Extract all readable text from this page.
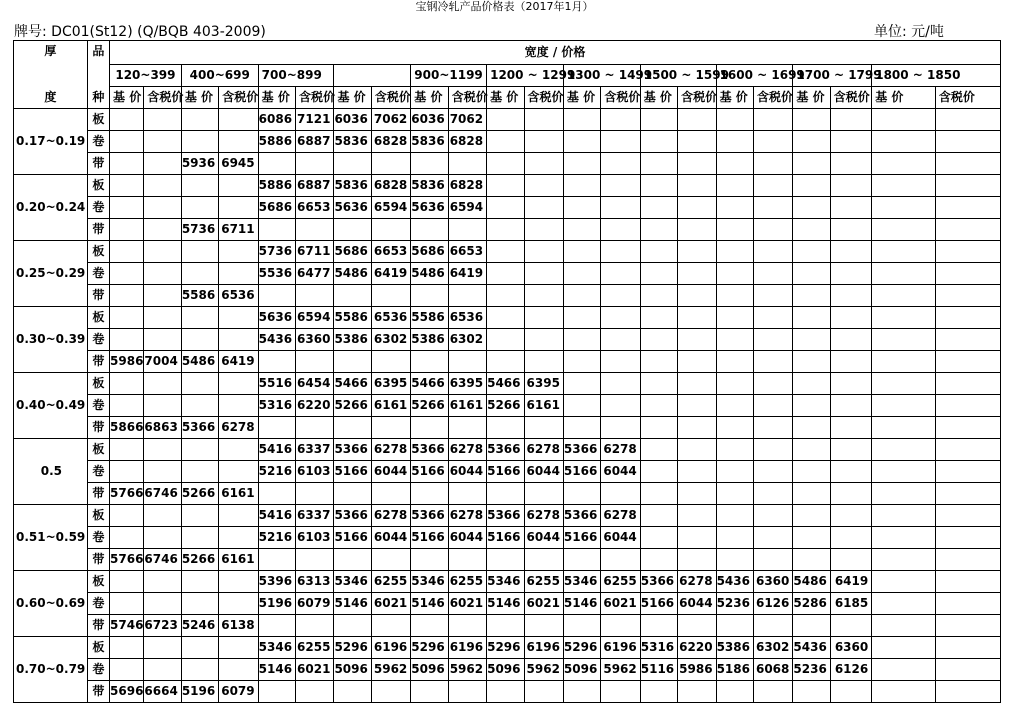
宝钢冷轧产品价格表（2017年1月）
牌号: DC01(St12) (Q/BQB 403-2009)	单位: 元/吨
厚	品	宽度 / 价格																					
		120~399		400~699		700~899				900~1199		1200 ~ 1299		1300 ~ 1499		1500 ~ 1599		1600 ~ 1699		1700 ~ 1799		1800 ~ 1850	
度	种	基 价	含税价	基 价	含税价	基 价	含税价	基 价	含税价	基 价	含税价	基 价	含税价	基 价	含税价	基 价	含税价	基 价	含税价	基 价	含税价	基 价	含税价
0.17~0.19	板					6086	7121	6036	7062	6036	7062												
	卷					5886	6887	5836	6828	5836	6828												
	带			5936	6945																		
0.20~0.24	板					5886	6887	5836	6828	5836	6828												
	卷					5686	6653	5636	6594	5636	6594												
	带			5736	6711																		
0.25~0.29	板					5736	6711	5686	6653	5686	6653												
	卷					5536	6477	5486	6419	5486	6419												
	带			5586	6536																		
0.30~0.39	板					5636	6594	5586	6536	5586	6536												
	卷					5436	6360	5386	6302	5386	6302												
	带	5986	7004	5486	6419																		
0.40~0.49	板					5516	6454	5466	6395	5466	6395	5466	6395										
	卷					5316	6220	5266	6161	5266	6161	5266	6161										
	带	5866	6863	5366	6278																		
0.5	板					5416	6337	5366	6278	5366	6278	5366	6278	5366	6278								
	卷					5216	6103	5166	6044	5166	6044	5166	6044	5166	6044								
	带	5766	6746	5266	6161																		
0.51~0.59	板					5416	6337	5366	6278	5366	6278	5366	6278	5366	6278								
	卷					5216	6103	5166	6044	5166	6044	5166	6044	5166	6044								
	带	5766	6746	5266	6161																		
0.60~0.69	板					5396	6313	5346	6255	5346	6255	5346	6255	5346	6255	5366	6278	5436	6360	5486	6419		
	卷					5196	6079	5146	6021	5146	6021	5146	6021	5146	6021	5166	6044	5236	6126	5286	6185		
	带	5746	6723	5246	6138																		
0.70~0.79	板					5346	6255	5296	6196	5296	6196	5296	6196	5296	6196	5316	6220	5386	6302	5436	6360		
	卷					5146	6021	5096	5962	5096	5962	5096	5962	5096	5962	5116	5986	5186	6068	5236	6126		
	带	5696	6664	5196	6079																		
